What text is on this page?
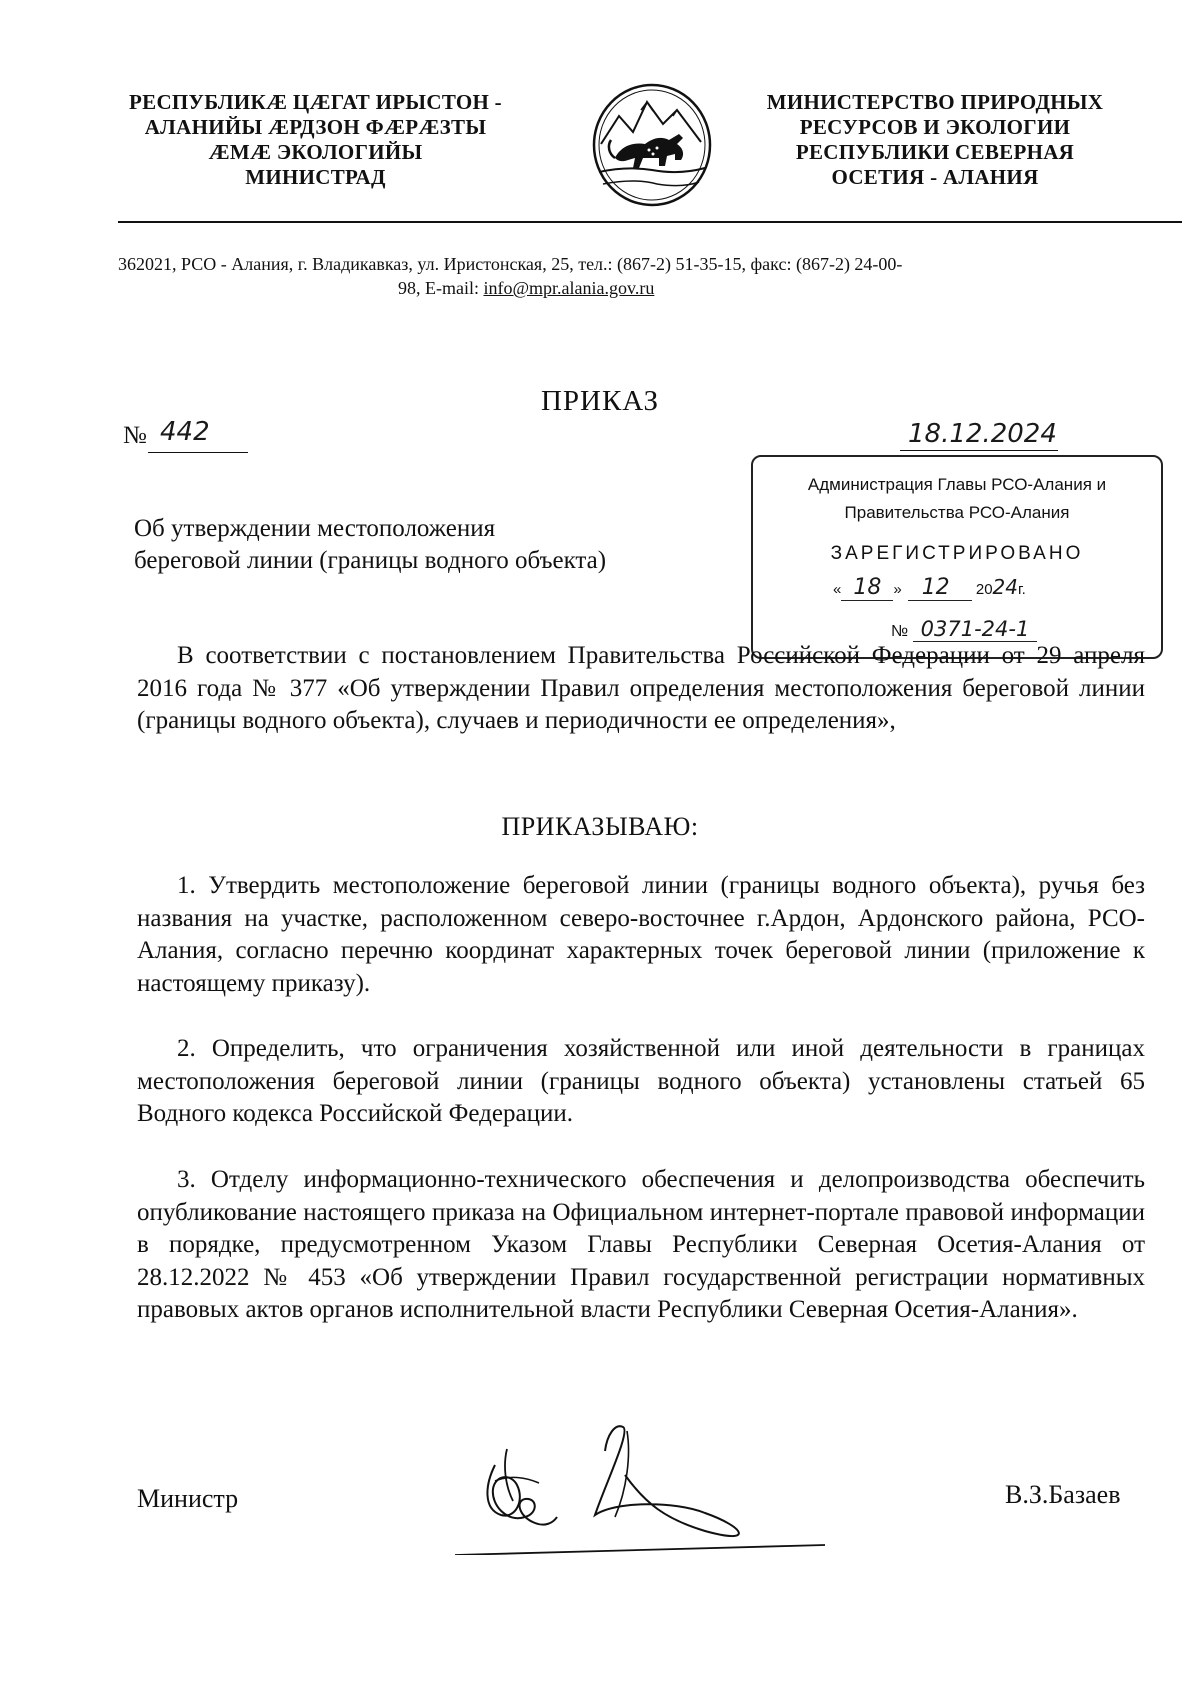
РЕСПУБЛИКÆ ЦÆГАТ ИРЫСТОН -
АЛАНИЙЫ ÆРДЗОН ФÆРÆЗТЫ
ÆМÆ ЭКОЛОГИЙЫ
МИНИСТРАД
МИНИСТЕРСТВО ПРИРОДНЫХ
РЕСУРСОВ И ЭКОЛОГИИ
РЕСПУБЛИКИ СЕВЕРНАЯ
ОСЕТИЯ - АЛАНИЯ
362021, РСО - Алания, г. Владикавказ, ул. Иристонская, 25, тел.: (867-2) 51-35-15, факс: (867-2) 24-00-
98, E-mail: info@mpr.alania.gov.ru
ПРИКАЗ
№ 442	18.12.2024
Об утверждении местоположения
береговой линии (границы водного объекта)
Администрация Главы РСО-Алания и
Правительства РСО-Алания
ЗАРЕГИСТРИРОВАНО
« 18 » 12 2024г.
№ 0371-24-1
В соответствии с постановлением Правительства Российской Федерации от 29 апреля 2016 года № 377 «Об утверждении Правил определения местоположения береговой линии (границы водного объекта), случаев и периодичности ее определения»,
ПРИКАЗЫВАЮ:
1. Утвердить местоположение береговой линии (границы водного объекта), ручья без названия на участке, расположенном северо-восточнее г.Ардон, Ардонского района, РСО-Алания, согласно перечню координат характерных точек береговой линии (приложение к настоящему приказу).
2. Определить, что ограничения хозяйственной или иной деятельности в границах местоположения береговой линии (границы водного объекта) установлены статьей 65 Водного кодекса Российской Федерации.
3. Отделу информационно-технического обеспечения и делопроизводства обеспечить опубликование настоящего приказа на Официальном интернет-портале правовой информации в порядке, предусмотренном Указом Главы Республики Северная Осетия-Алания от 28.12.2022 № 453 «Об утверждении Правил государственной регистрации нормативных правовых актов органов исполнительной власти Республики Северная Осетия-Алания».
Министр	В.З.Базаев
